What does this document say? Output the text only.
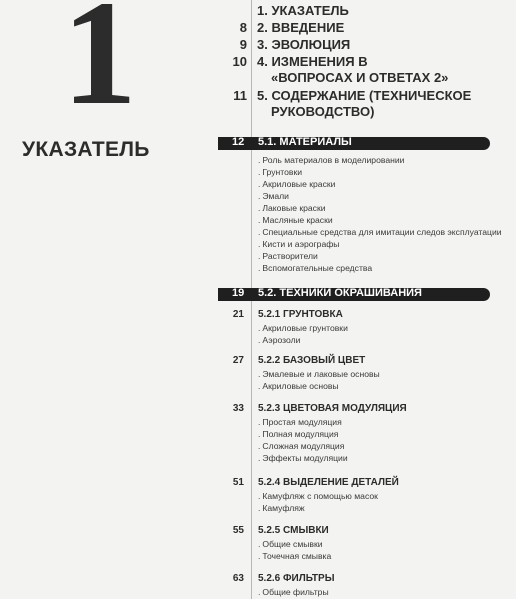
1
УКАЗАТЕЛЬ
1. УКАЗАТЕЛЬ
8 2. ВВЕДЕНИЕ
9 3. ЭВОЛЮЦИЯ
10 4. ИЗМЕНЕНИЯ В
«ВОПРОСАХ И ОТВЕТАХ 2»
11 5. СОДЕРЖАНИЕ (ТЕХНИЧЕСКОЕ
РУКОВОДСТВО)
12 5.1. МАТЕРИАЛЫ
. Роль материалов в моделировании
. Грунтовки
. Акриловые краски
. Эмали
. Лаковые краски
. Масляные краски
. Специальные средства для имитации следов эксплуатации
. Кисти и аэрографы
. Растворители
. Вспомогательные средства
19 5.2. ТЕХНИКИ ОКРАШИВАНИЯ
21 5.2.1 ГРУНТОВКА
. Акриловые грунтовки
. Аэрозоли
27 5.2.2 БАЗОВЫЙ ЦВЕТ
. Эмалевые и лаковые основы
. Акриловые основы
33 5.2.3 ЦВЕТОВАЯ МОДУЛЯЦИЯ
. Простая модуляция
. Полная модуляция
. Сложная модуляция
. Эффекты модуляции
51 5.2.4 ВЫДЕЛЕНИЕ ДЕТАЛЕЙ
. Камуфляж с помощью масок
. Камуфляж
55 5.2.5 СМЫВКИ
. Общие смывки
. Точечная смывка
63 5.2.6 ФИЛЬТРЫ
. Общие фильтры
